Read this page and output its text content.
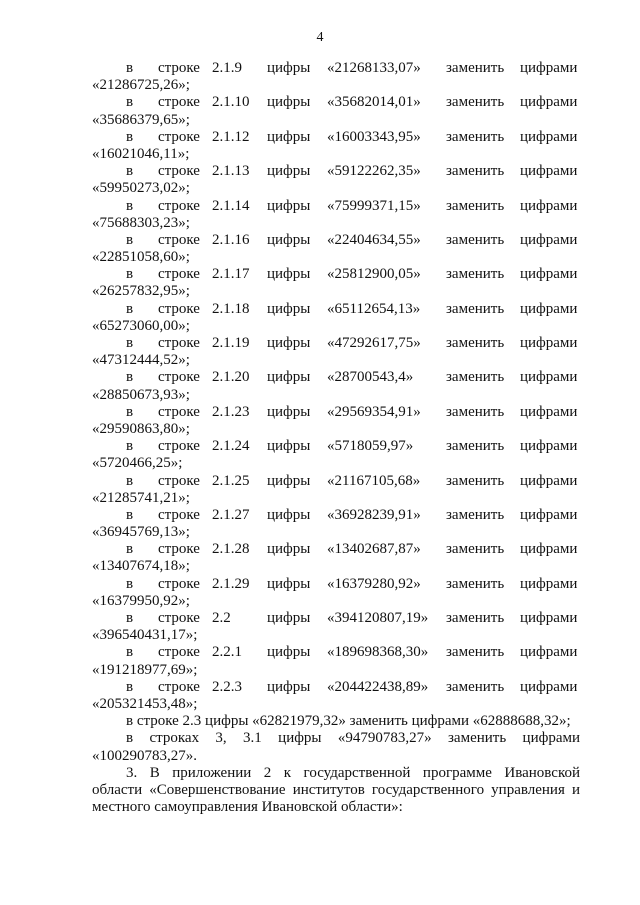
4
в строке 2.1.9 цифры «21268133,07» заменить цифрами
«21286725,26»;
в строке 2.1.10 цифры «35682014,01» заменить цифрами
«35686379,65»;
в строке 2.1.12 цифры «16003343,95» заменить цифрами
«16021046,11»;
в строке 2.1.13 цифры «59122262,35» заменить цифрами
«59950273,02»;
в строке 2.1.14 цифры «75999371,15» заменить цифрами
«75688303,23»;
в строке 2.1.16 цифры «22404634,55» заменить цифрами
«22851058,60»;
в строке 2.1.17 цифры «25812900,05» заменить цифрами
«26257832,95»;
в строке 2.1.18 цифры «65112654,13» заменить цифрами
«65273060,00»;
в строке 2.1.19 цифры «47292617,75» заменить цифрами
«47312444,52»;
в строке 2.1.20 цифры «28700543,4» заменить цифрами
«28850673,93»;
в строке 2.1.23 цифры «29569354,91» заменить цифрами
«29590863,80»;
в строке 2.1.24 цифры «5718059,97» заменить цифрами
«5720466,25»;
в строке 2.1.25 цифры «21167105,68» заменить цифрами
«21285741,21»;
в строке 2.1.27 цифры «36928239,91» заменить цифрами
«36945769,13»;
в строке 2.1.28 цифры «13402687,87» заменить цифрами
«13407674,18»;
в строке 2.1.29 цифры «16379280,92» заменить цифрами
«16379950,92»;
в строке 2.2 цифры «394120807,19» заменить цифрами
«396540431,17»;
в строке 2.2.1 цифры «189698368,30» заменить цифрами
«191218977,69»;
в строке 2.2.3 цифры «204422438,89» заменить цифрами
«205321453,48»;
в строке 2.3 цифры «62821979,32» заменить цифрами «62888688,32»;
в строках 3, 3.1 цифры «94790783,27» заменить цифрами
«100290783,27».
3. В приложении 2 к государственной программе Ивановской
области «Совершенствование институтов государственного управления и
местного самоуправления Ивановской области»:
